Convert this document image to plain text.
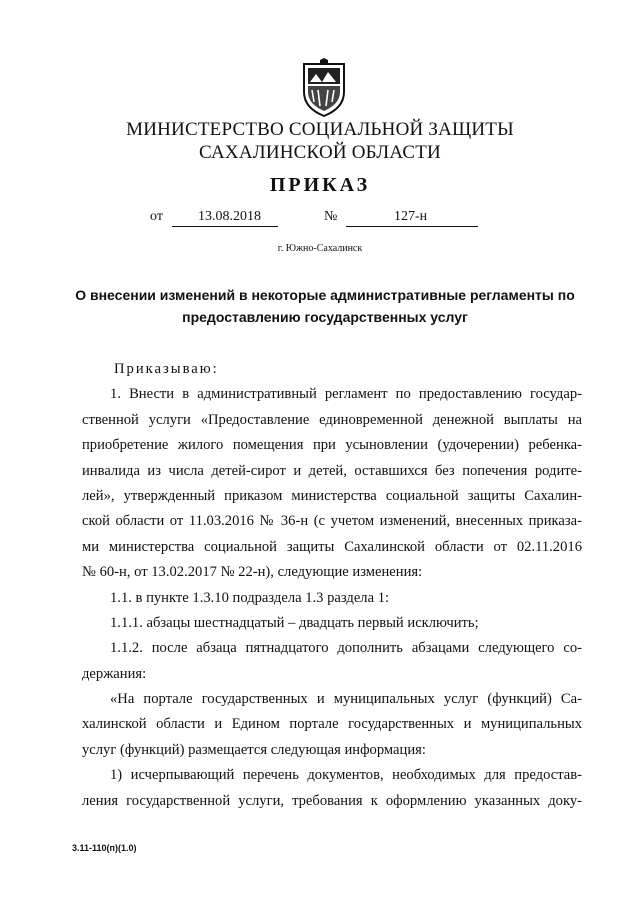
МИНИСТЕРСТВО СОЦИАЛЬНОЙ ЗАЩИТЫ
САХАЛИНСКОЙ ОБЛАСТИ
ПРИКАЗ
от	13.08.2018	№	127-н
г. Южно-Сахалинск
О внесении изменений в некоторые административные регламенты по
предоставлению государственных услуг
Приказываю:
1. Внести в административный регламент по предоставлению государ-
ственной услуги «Предоставление единовременной денежной выплаты на
приобретение жилого помещения при усыновлении (удочерении) ребенка-
инвалида из числа детей-сирот и детей, оставшихся без попечения родите-
лей», утвержденный приказом министерства социальной защиты Сахалин-
ской области от 11.03.2016 № 36-н (с учетом изменений, внесенных приказа-
ми министерства социальной защиты Сахалинской области от 02.11.2016
№ 60-н, от 13.02.2017 № 22-н), следующие изменения:
1.1. в пункте 1.3.10 подраздела 1.3 раздела 1:
1.1.1. абзацы шестнадцатый – двадцать первый исключить;
1.1.2. после абзаца пятнадцатого дополнить абзацами следующего со-
держания:
«На портале государственных и муниципальных услуг (функций) Са-
халинской области и Едином портале государственных и муниципальных
услуг (функций) размещается следующая информация:
1) исчерпывающий перечень документов, необходимых для предостав-
ления государственной услуги, требования к оформлению указанных доку-
3.11-110(п)(1.0)
